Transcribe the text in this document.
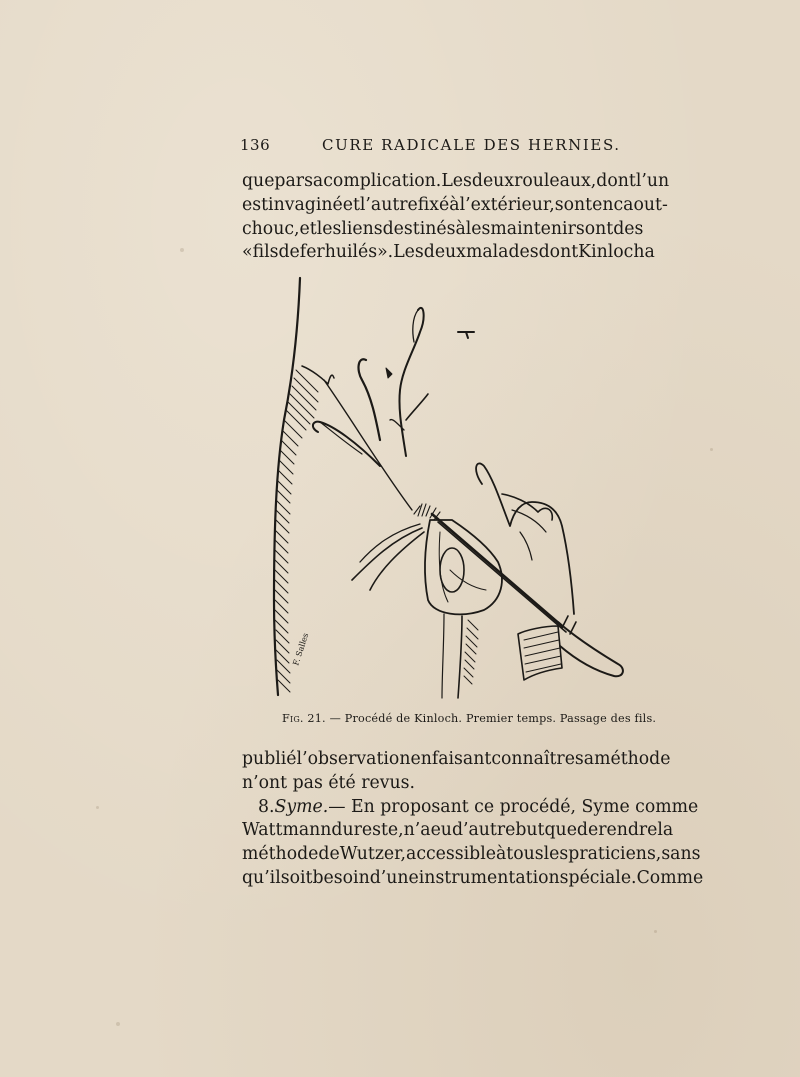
136	CURE RADICALE DES HERNIES.
que par sa complication. Les deux rouleaux, dont l’un
est invaginé et l’autre fixé à l’extérieur, sont en caout-
chouc, et les liens destinés à les maintenir sont des
« fils de fer huilés ». Les deux malades dont Kinloch a
F. Salles
Fig. 21. — Procédé de Kinloch. Premier temps. Passage des fils.
publié l’observation en faisant connaître sa méthode
n’ont pas été revus.
8. Syme. — En proposant ce procédé, Syme comme
Wattmann du reste, n’a eu d’autre but que de rendre la
méthode de Wutzer, accessible à tous les praticiens, sans
qu’il soit besoin d’une instrumentation spéciale. Comme
